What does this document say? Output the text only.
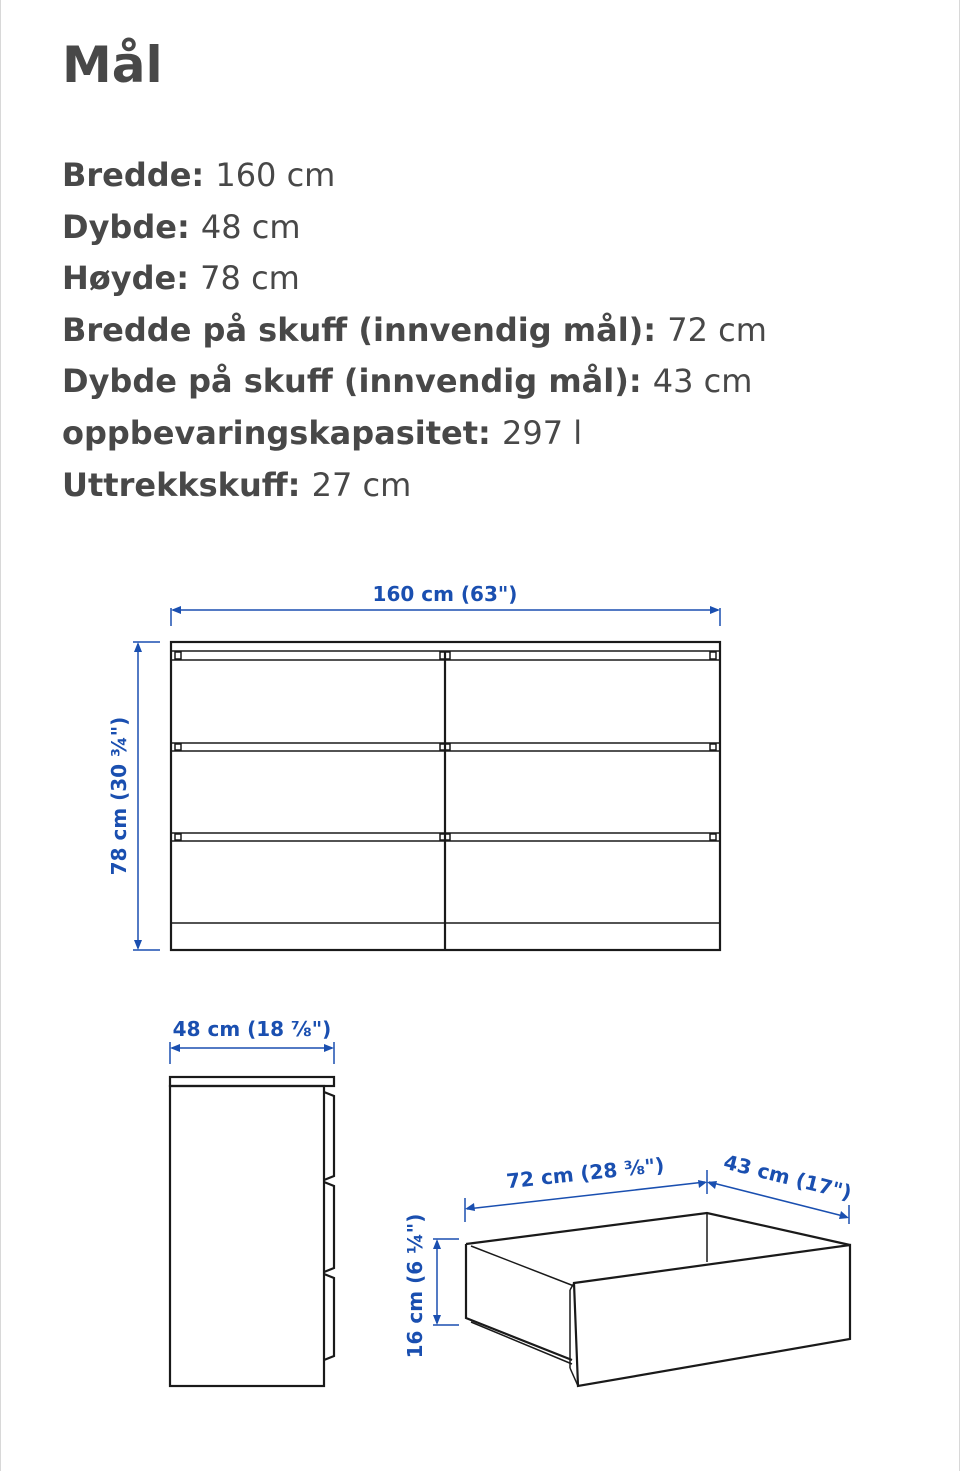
Mål
Bredde: 160 cm
Dybde: 48 cm
Høyde: 78 cm
Bredde på skuff (innvendig mål): 72 cm
Dybde på skuff (innvendig mål): 43 cm
oppbevaringskapasitet: 297 l
Uttrekkskuff: 27 cm
160 cm (63")
78 cm (30 ¾")
48 cm (18 ⅞")
72 cm (28 ⅜")	43 cm (17")
16 cm (6 ¼")
